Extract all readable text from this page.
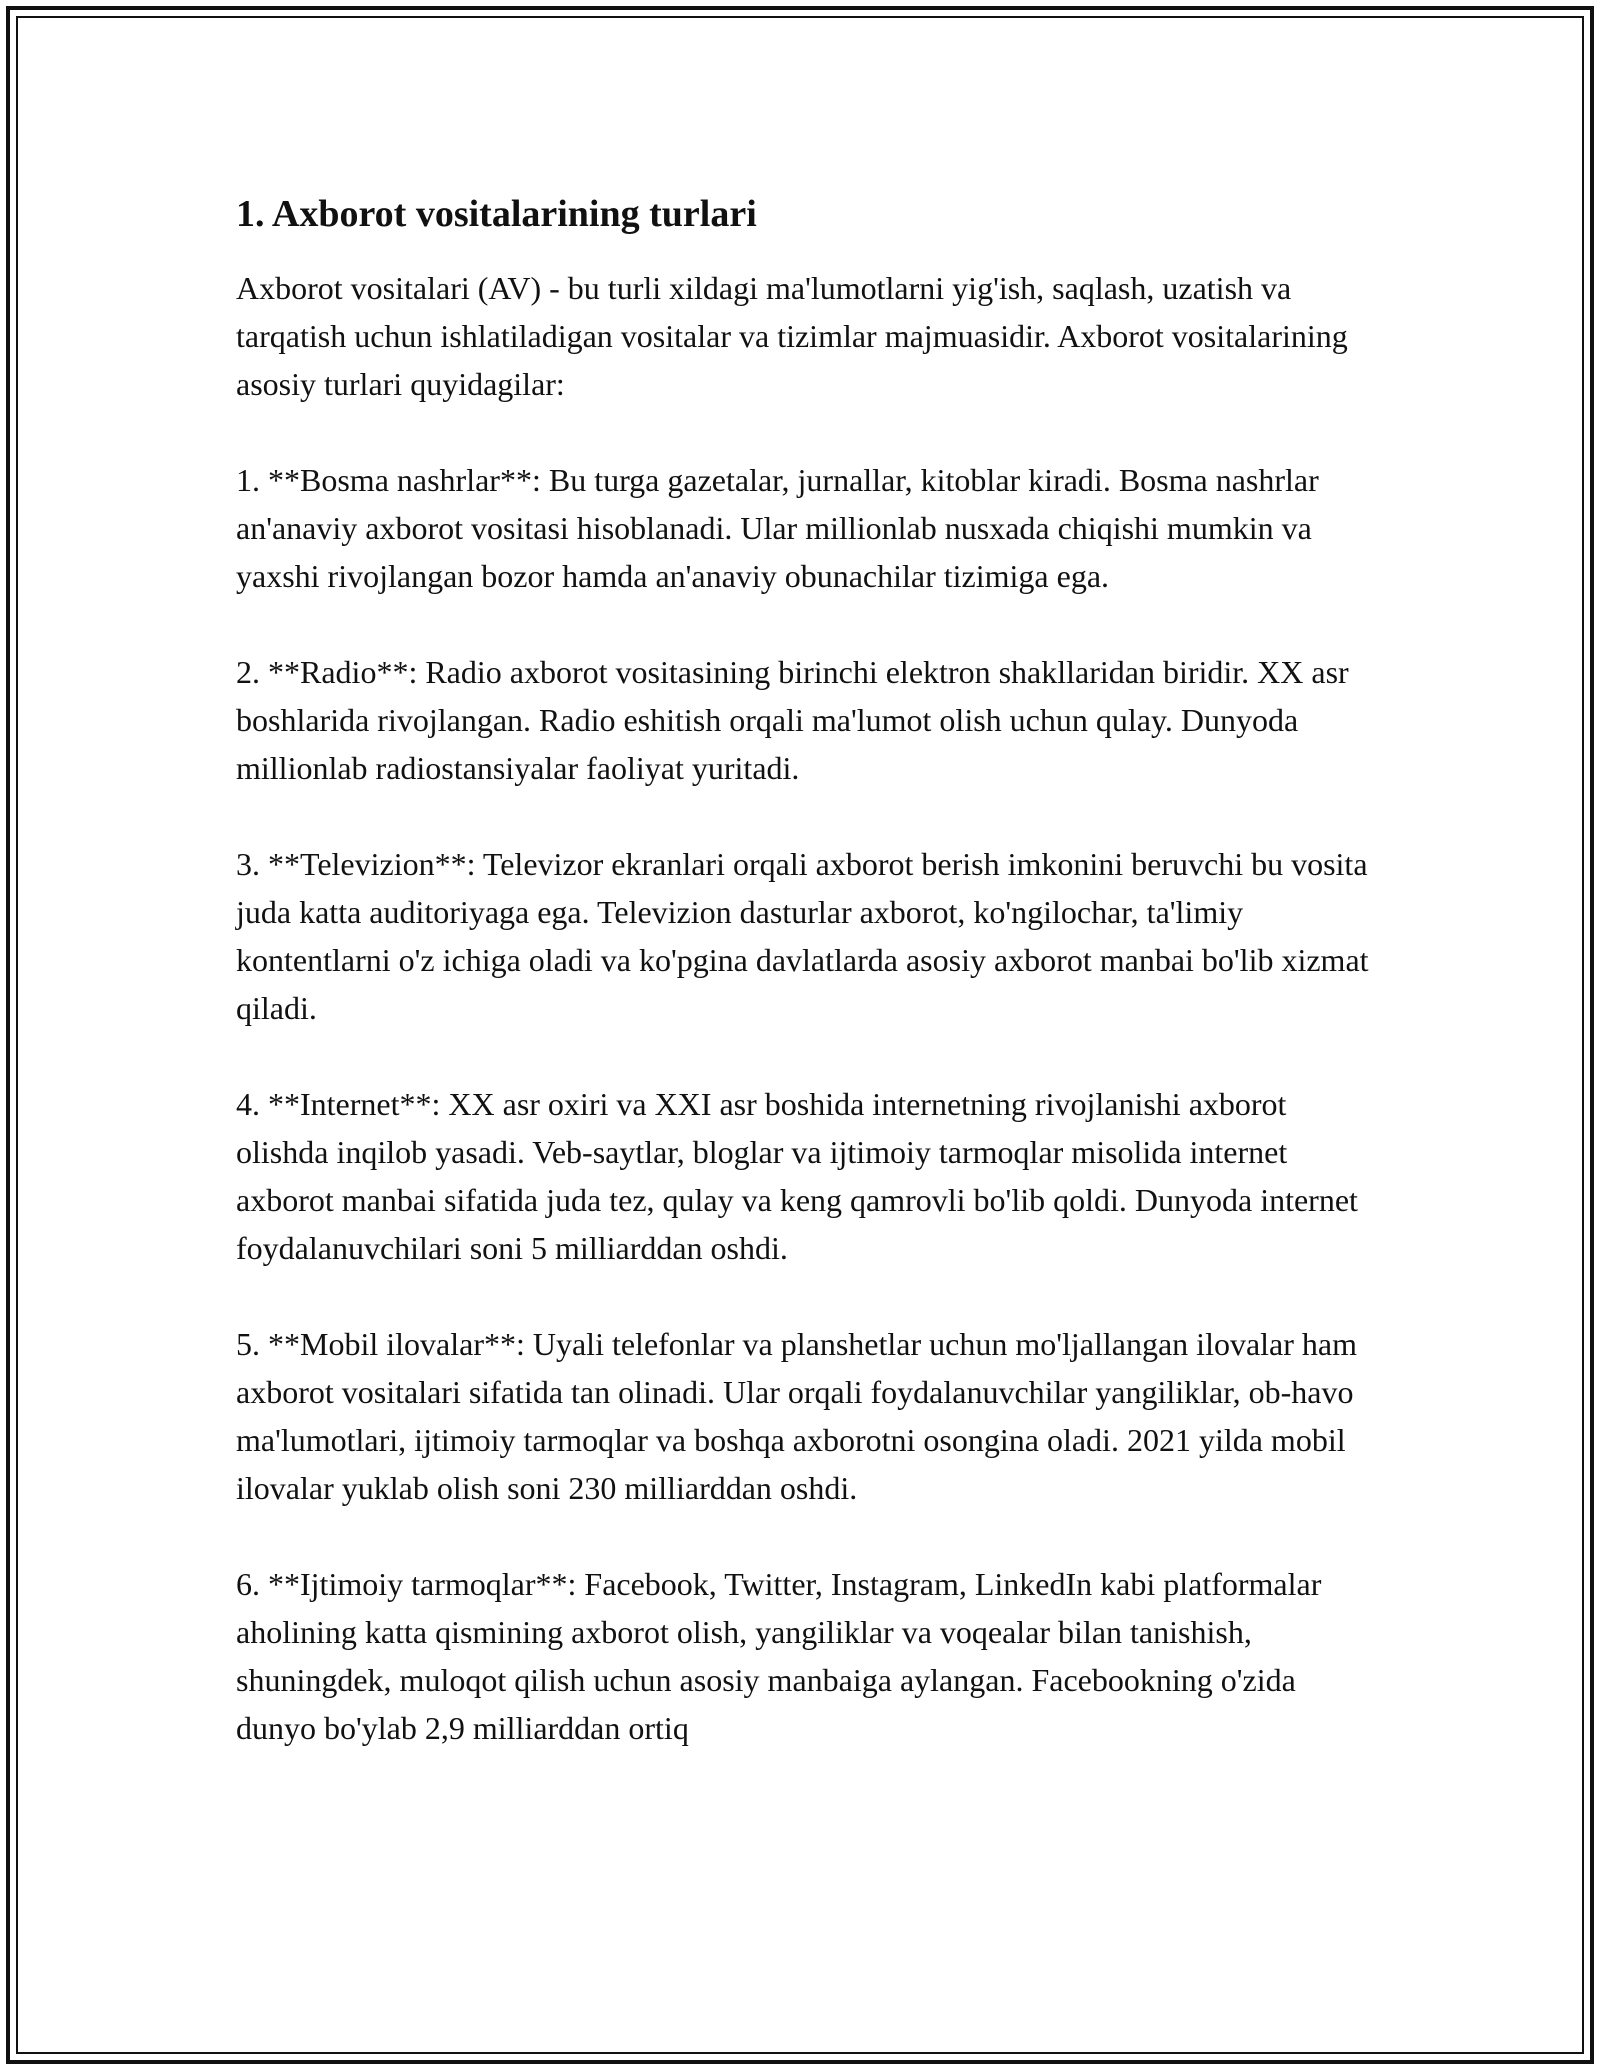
1. Axborot vositalarining turlari

Axborot vositalari (AV) - bu turli xildagi ma'lumotlarni yig'ish, saqlash, uzatish va tarqatish uchun ishlatiladigan vositalar va tizimlar majmuasidir. Axborot vositalarining asosiy turlari quyidagilar:

1. **Bosma nashrlar**: Bu turga gazetalar, jurnallar, kitoblar kiradi. Bosma nashrlar an'anaviy axborot vositasi hisoblanadi. Ular millionlab nusxada chiqishi mumkin va yaxshi rivojlangan bozor hamda an'anaviy obunachilar tizimiga ega.

2. **Radio**: Radio axborot vositasining birinchi elektron shakllaridan biridir. XX asr boshlarida rivojlangan. Radio eshitish orqali ma'lumot olish uchun qulay. Dunyoda millionlab radiostansiyalar faoliyat yuritadi.

3. **Televizion**: Televizor ekranlari orqali axborot berish imkonini beruvchi bu vosita juda katta auditoriyaga ega. Televizion dasturlar axborot, ko'ngilochar, ta'limiy kontentlarni o'z ichiga oladi va ko'pgina davlatlarda asosiy axborot manbai bo'lib xizmat qiladi.

4. **Internet**: XX asr oxiri va XXI asr boshida internetning rivojlanishi axborot olishda inqilob yasadi. Veb-saytlar, bloglar va ijtimoiy tarmoqlar misolida internet axborot manbai sifatida juda tez, qulay va keng qamrovli bo'lib qoldi. Dunyoda internet foydalanuvchilari soni 5 milliarddan oshdi.

5. **Mobil ilovalar**: Uyali telefonlar va planshetlar uchun mo'ljallangan ilovalar ham axborot vositalari sifatida tan olinadi. Ular orqali foydalanuvchilar yangiliklar, ob-havo ma'lumotlari, ijtimoiy tarmoqlar va boshqa axborotni osongina oladi. 2021 yilda mobil ilovalar yuklab olish soni 230 milliarddan oshdi.

6. **Ijtimoiy tarmoqlar**: Facebook, Twitter, Instagram, LinkedIn kabi platformalar aholining katta qismining axborot olish, yangiliklar va voqealar bilan tanishish, shuningdek, muloqot qilish uchun asosiy manbaiga aylangan. Facebookning o'zida dunyo bo'ylab 2,9 milliarddan ortiq
